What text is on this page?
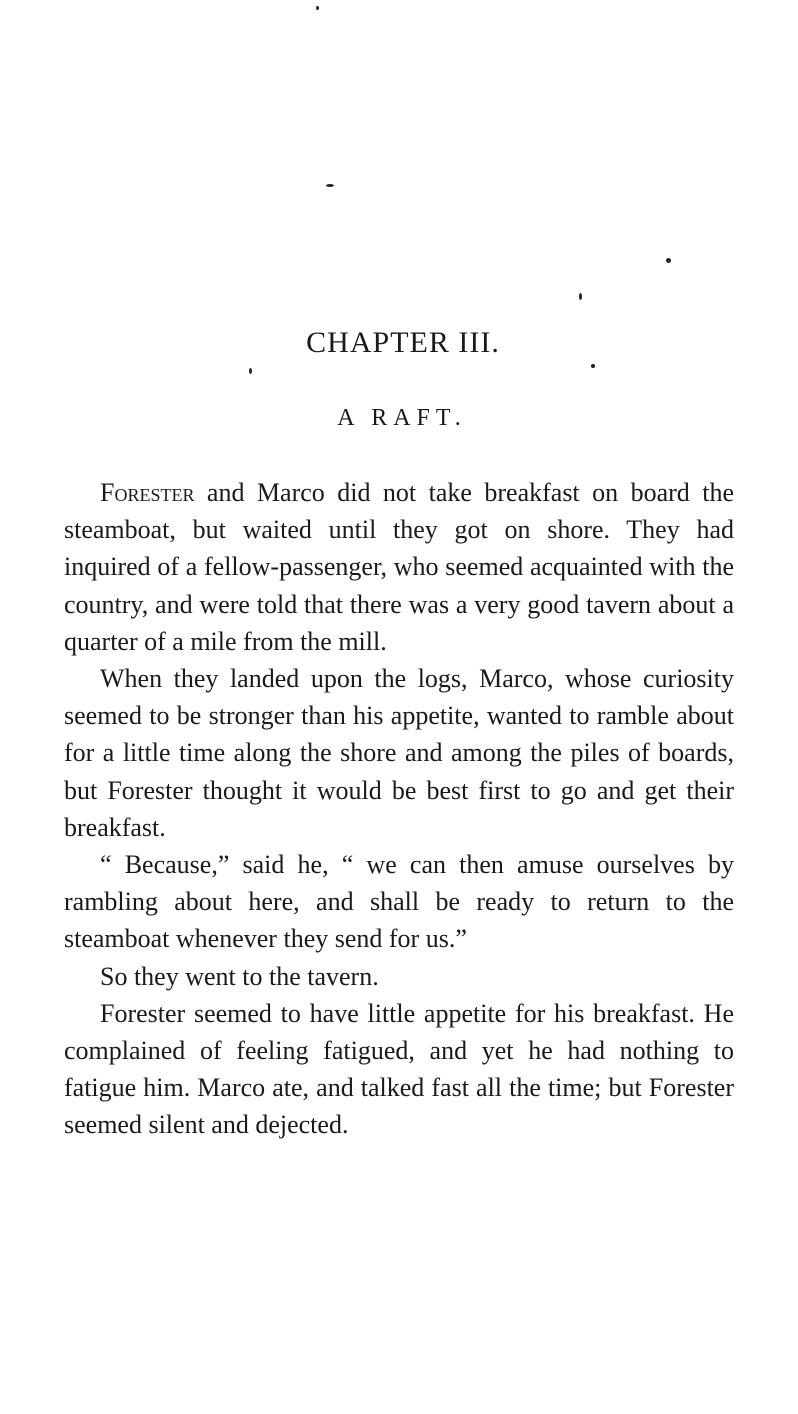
CHAPTER III.
A RAFT.

Forester and Marco did not take breakfast on board the steamboat, but waited until they got on shore. They had inquired of a fellow-passenger, who seemed acquainted with the country, and were told that there was a very good tavern about a quarter of a mile from the mill.

When they landed upon the logs, Marco, whose curiosity seemed to be stronger than his appetite, wanted to ramble about for a little time along the shore and among the piles of boards, but Forester thought it would be best first to go and get their breakfast.

“ Because,” said he, “ we can then amuse ourselves by rambling about here, and shall be ready to return to the steamboat whenever they send for us.”

So they went to the tavern.

Forester seemed to have little appetite for his breakfast. He complained of feeling fatigued, and yet he had nothing to fatigue him. Marco ate, and talked fast all the time; but Forester seemed silent and dejected.
